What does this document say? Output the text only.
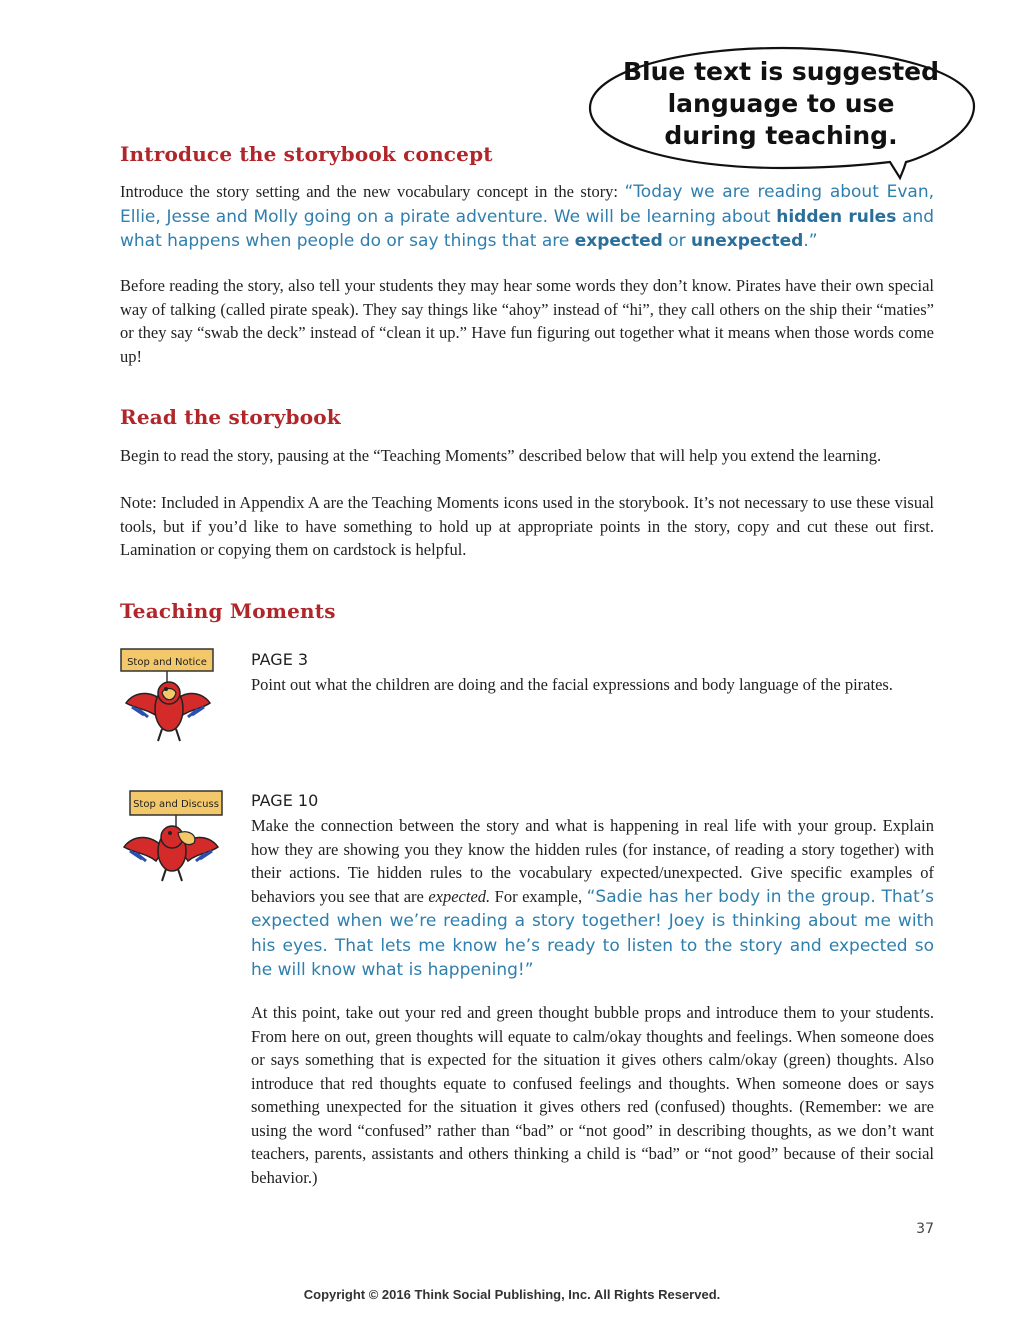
Blue text is suggested language to use during teaching.
Introduce the storybook concept

Introduce the story setting and the new vocabulary concept in the story: “Today we are reading about Evan, Ellie, Jesse and Molly going on a pirate adventure. We will be learning about hidden rules and what happens when people do or say things that are expected or unexpected.”

Before reading the story, also tell your students they may hear some words they don’t know. Pirates have their own special way of talking (called pirate speak). They say things like “ahoy” instead of “hi”, they call others on the ship their “maties” or they say “swab the deck” instead of “clean it up.” Have fun figuring out together what it means when those words come up!

Read the storybook

Begin to read the story, pausing at the “Teaching Moments” described below that will help you extend the learning.

Note: Included in Appendix A are the Teaching Moments icons used in the storybook. It’s not necessary to use these visual tools, but if you’d like to have something to hold up at appropriate points in the story, copy and cut these out first. Lamination or copying them on cardstock is helpful.

Teaching Moments
Stop and Notice	PAGE 3

Point out what the children are doing and the facial expressions and body language of the pirates.

Stop and Discuss PAGE 10

Make the connection between the story and what is happening in real life with your group. Explain how they are showing you they know the hidden rules (for instance, of reading a story together) with their actions. Tie hidden rules to the vocabulary expected/unexpected. Give specific examples of behaviors you see that are expected. For example, “Sadie has her body in the group. That’s expected when we’re reading a story together! Joey is thinking about me with his eyes. That lets me know he’s ready to listen to the story and expected so he will know what is happening!”

At this point, take out your red and green thought bubble props and introduce them to your students. From here on out, green thoughts will equate to calm/okay thoughts and feelings. When someone does or says something that is expected for the situation it gives others calm/okay (green) thoughts. Also introduce that red thoughts equate to confused feelings and thoughts. When someone does or says something unexpected for the situation it gives others red (confused) thoughts. (Remember: we are using the word “confused” rather than “bad” or “not good” in describing thoughts, as we don’t want teachers, parents, assistants and others thinking a child is “bad” or “not good” because of their social behavior.)

37
Copyright © 2016 Think Social Publishing, Inc. All Rights Reserved.
